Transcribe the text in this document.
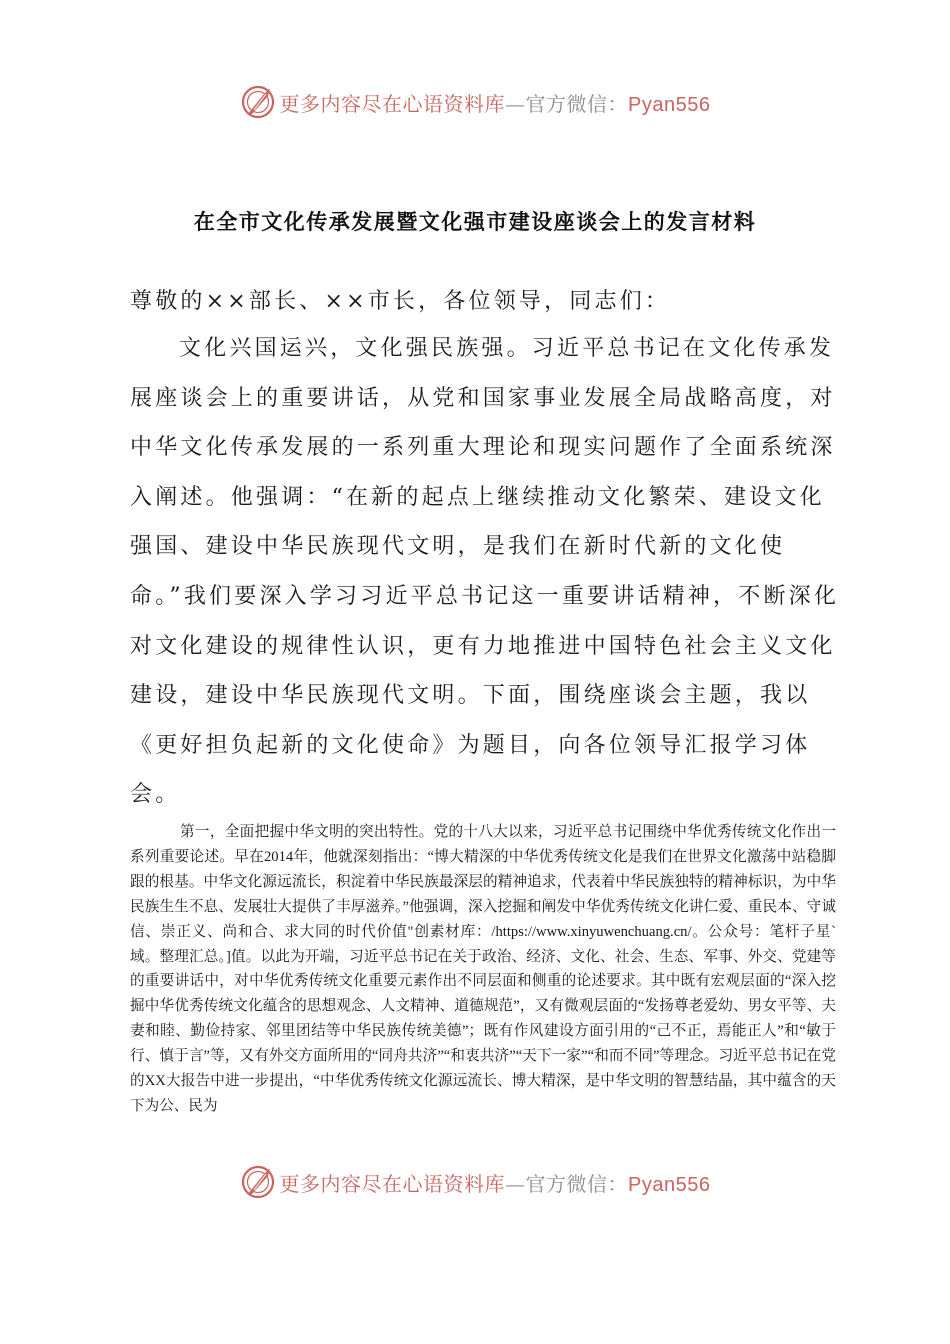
更多内容尽在心语资料库—官方微信：Pyan556
在全市文化传承发展暨文化强市建设座谈会上的发言材料

尊敬的××部长、××市长，各位领导，同志们：

文化兴国运兴，文化强民族强。习近平总书记在文化传承发展座谈会上的重要讲话，从党和国家事业发展全局战略高度，对中华文化传承发展的一系列重大理论和现实问题作了全面系统深入阐述。他强调：“在新的起点上继续推动文化繁荣、建设文化强国、建设中华民族现代文明，是我们在新时代新的文化使命。”我们要深入学习习近平总书记这一重要讲话精神，不断深化对文化建设的规律性认识，更有力地推进中国特色社会主义文化建设，建设中华民族现代文明。下面，围绕座谈会主题，我以《更好担负起新的文化使命》为题目，向各位领导汇报学习体会。

第一，全面把握中华文明的突出特性。党的十八大以来，习近平总书记围绕中华优秀传统文化作出一系列重要论述。早在2014年，他就深刻指出：“博大精深的中华优秀传统文化是我们在世界文化激荡中站稳脚跟的根基。中华文化源远流长，积淀着中华民族最深层的精神追求，代表着中华民族独特的精神标识，为中华民族生生不息、发展壮大提供了丰厚滋养。”他强调，深入挖掘和阐发中华优秀传统文化讲仁爱、重民本、守诚信、崇正义、尚和合、求大同的时代价值"创素材库：/https://www.xinyuwenchuang.cn/。公众号：笔杆子星`域。整理汇总。]值。以此为开端，习近平总书记在关于政治、经济、文化、社会、生态、军事、外交、党建等的重要讲话中，对中华优秀传统文化重要元素作出不同层面和侧重的论述要求。其中既有宏观层面的“深入挖掘中华优秀传统文化蕴含的思想观念、人文精神、道德规范”，又有微观层面的“发扬尊老爱幼、男女平等、夫妻和睦、勤俭持家、邻里团结等中华民族传统美德”；既有作风建设方面引用的“己不正，焉能正人”和“敏于行、慎于言”等，又有外交方面所用的“同舟共济”“和衷共济”“天下一家”“和而不同”等理念。习近平总书记在党的XX大报告中进一步提出，“中华优秀传统文化源远流长、博大精深，是中华文明的智慧结晶，其中蕴含的天下为公、民为

更多内容尽在心语资料库—官方微信：Pyan556
